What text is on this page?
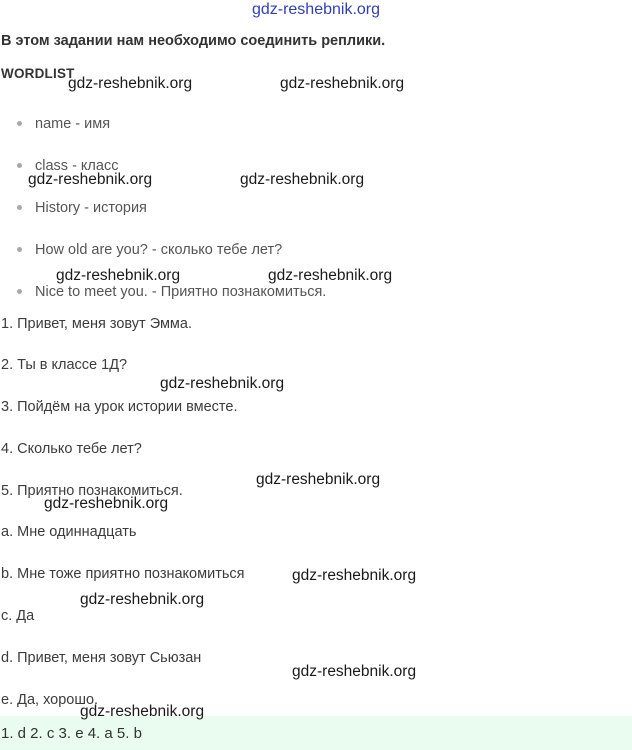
gdz-reshebnik.org
В этом задании нам необходимо соединить реплики.
WORDLIST
name - имя
class - класс
History - история
How old are you? - сколько тебе лет?
Nice to meet you. - Приятно познакомиться.
1. Привет, меня зовут Эмма.
2. Ты в классе 1Д?
3. Пойдём на урок истории вместе.
4. Сколько тебе лет?
5. Приятно познакомиться.
a. Мне одиннадцать
b. Мне тоже приятно познакомиться
c. Да
d. Привет, меня зовут Сьюзан
e. Да, хорошо.
1. d 2. c 3. e 4. a 5. b
gdz-reshebnik.org	gdz-reshebnik.org
gdz-reshebnik.org	gdz-reshebnik.org
gdz-reshebnik.org	gdz-reshebnik.org
gdz-reshebnik.org
gdz-reshebnik.org
gdz-reshebnik.org
gdz-reshebnik.org
gdz-reshebnik.org
gdz-reshebnik.org
gdz-reshebnik.org
